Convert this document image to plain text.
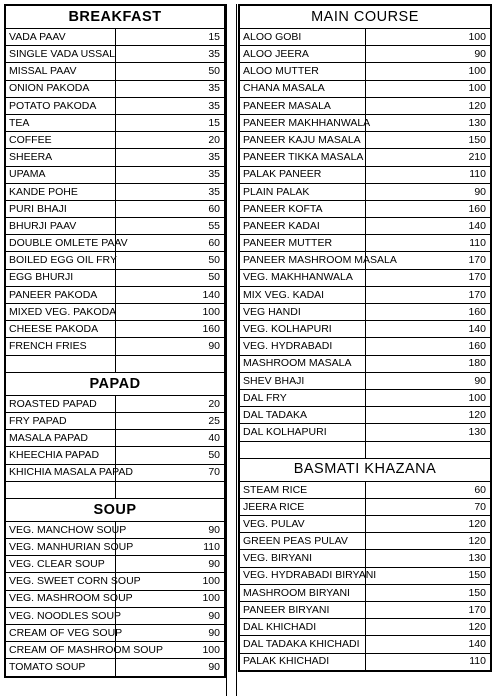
BREAKFAST	
VADA PAAV	15
SINGLE VADA USSAL	35
MISSAL PAAV	50
ONION PAKODA	35
POTATO PAKODA	35
TEA	15
COFFEE	20
SHEERA	35
UPAMA	35
KANDE POHE	35
PURI BHAJI	60
BHURJI PAAV	55
DOUBLE OMLETE PAAV	60
BOILED EGG OIL FRY	50
EGG BHURJI	50
PANEER PAKODA	140
MIXED VEG. PAKODA	100
CHEESE PAKODA	160
FRENCH FRIES	90

PAPAD	
ROASTED PAPAD	20
FRY PAPAD	25
MASALA PAPAD	40
KHEECHIA PAPAD	50
KHICHIA MASALA PAPAD	70

SOUP	
VEG. MANCHOW SOUP	90
VEG. MANHURIAN SOUP	110
VEG. CLEAR SOUP	90
VEG. SWEET CORN SOUP	100
VEG. MASHROOM SOUP	100
VEG. NOODLES SOUP	90
CREAM OF VEG SOUP	90
CREAM OF MASHROOM SOUP	100
TOMATO SOUP	90
MAIN COURSE	
ALOO GOBI	100
ALOO JEERA	90
ALOO MUTTER	100
CHANA MASALA	100
PANEER MASALA	120
PANEER MAKHHANWALA	130
PANEER KAJU MASALA	150
PANEER TIKKA MASALA	210
PALAK PANEER	110
PLAIN PALAK	90
PANEER KOFTA	160
PANEER KADAI	140
PANEER MUTTER	110
PANEER MASHROOM MASALA	170
VEG. MAKHHANWALA	170
MIX VEG. KADAI	170
VEG HANDI	160
VEG. KOLHAPURI	140
VEG. HYDRABADI	160
MASHROOM MASALA	180
SHEV BHAJI	90
DAL FRY	100
DAL TADAKA	120
DAL KOLHAPURI	130

BASMATI KHAZANA	
STEAM RICE	60
JEERA RICE	70
VEG. PULAV	120
GREEN PEAS PULAV	120
VEG. BIRYANI	130
VEG. HYDRABADI BIRYANI	150
MASHROOM BIRYANI	150
PANEER BIRYANI	170
DAL KHICHADI	120
DAL TADAKA KHICHADI	140
PALAK KHICHADI	110
